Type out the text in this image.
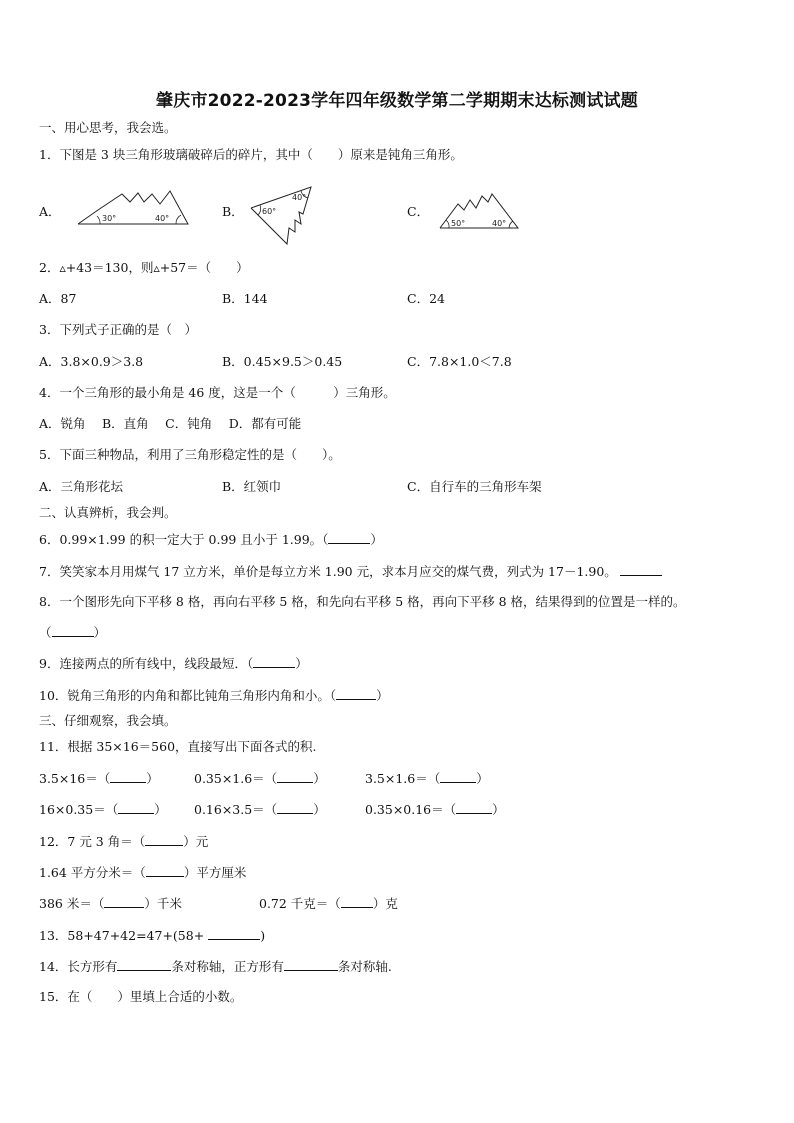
肇庆市2022-2023学年四年级数学第二学期期末达标测试试题
一、用心思考，我会选。
1．下图是 3 块三角形玻璃破碎后的碎片，其中（　　）原来是钝角三角形。
A．	30°	40°	B． 60°
40°
C．
50°	40°
2．▵+43＝130，则▵+57＝（　　）
A．87	B．144	C．24
3．下列式子正确的是（　）
A．3.8×0.9＞3.8	B．0.45×9.5＞0.45	C．7.8×1.0＜7.8
4．一个三角形的最小角是 46 度，这是一个（　　　）三角形。
A．锐角　 B．直角　 C．钝角　 D．都有可能
5．下面三种物品，利用了三角形稳定性的是（　　）。
A．三角形花坛	B．红领巾	C．自行车的三角形车架
二、认真辨析，我会判。
6．0.99×1.99 的积一定大于 0.99 且小于 1.99。（	）
7．笑笑家本月用煤气 17 立方米，单价是每立方米 1.90 元，求本月应交的煤气费，列式为 17－1.90。
8．一个图形先向下平移 8 格，再向右平移 5 格，和先向右平移 5 格，再向下平移 8 格，结果得到的位置是一样的。
（	）
9．连接两点的所有线中，线段最短．（	）
10．锐角三角形的内角和都比钝角三角形内角和小。（	）
三、仔细观察，我会填。
11．根据 35×16＝560，直接写出下面各式的积.
3.5×16＝（	）	0.35×1.6＝（	）	3.5×1.6＝（	）
16×0.35＝（	） 0.16×3.5＝（	）	0.35×0.16＝（	）
12．7 元 3 角＝（	）元
1.64 平方分米＝（	）平方厘米
386 米＝（	）千米	0.72 千克＝（	）克
13．58+47+42=47+(58+	)
14．长方形有	条对称轴，正方形有	条对称轴.
15．在（　　）里填上合适的小数。
